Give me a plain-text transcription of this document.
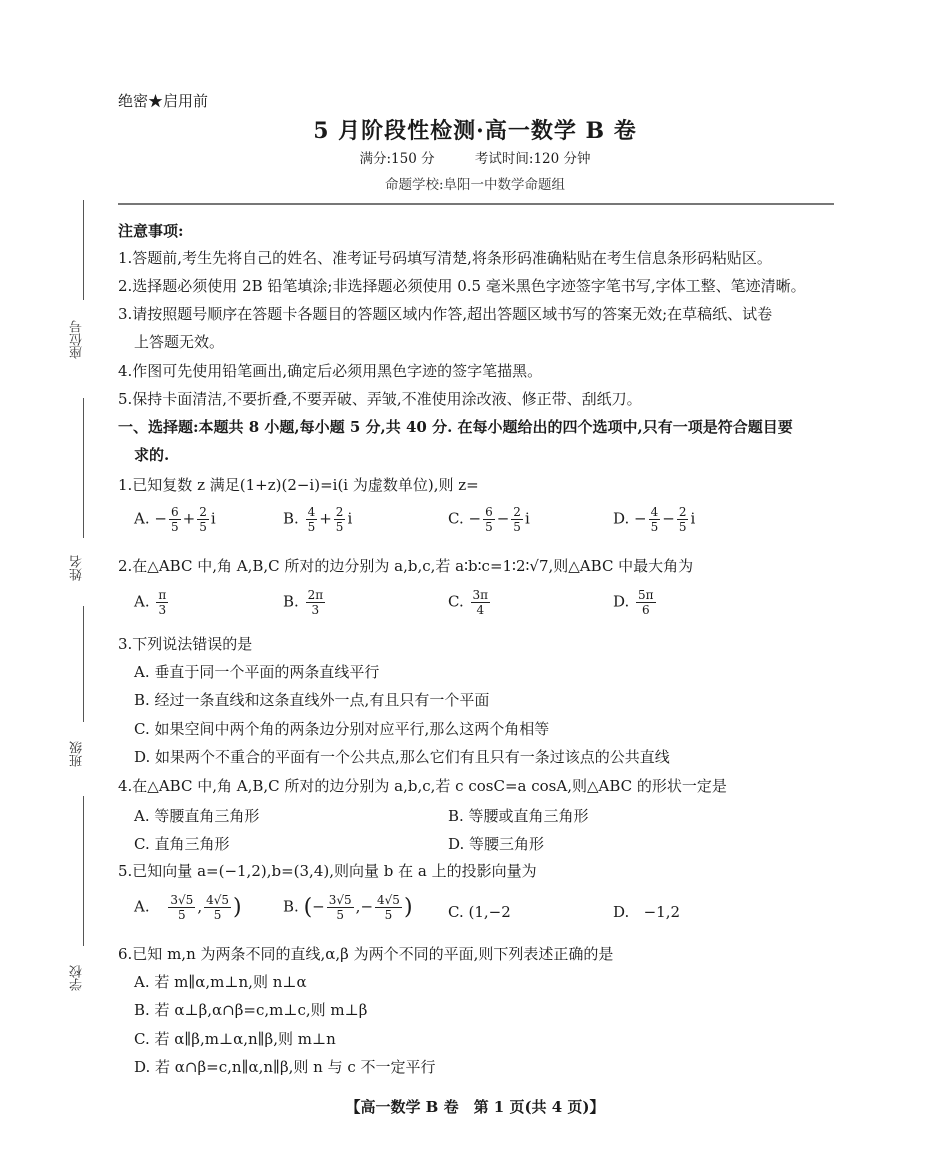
绝密★启用前
5 月阶段性检测·高一数学 B 卷
满分:150 分	考试时间:120 分钟
命题学校:阜阳一中数学命题组
座位号
姓名
班级
学校
注意事项:
1.答题前,考生先将自己的姓名、准考证号码填写清楚,将条形码准确粘贴在考生信息条形码粘贴区。
2.选择题必须使用 2B 铅笔填涂;非选择题必须使用 0.5 毫米黑色字迹签字笔书写,字体工整、笔迹清晰。
3.请按照题号顺序在答题卡各题目的答题区域内作答,超出答题区域书写的答案无效;在草稿纸、试卷
上答题无效。
4.作图可先使用铅笔画出,确定后必须用黑色字迹的签字笔描黑。
5.保持卡面清洁,不要折叠,不要弄破、弄皱,不准使用涂改液、修正带、刮纸刀。
一、选择题:本题共 8 小题,每小题 5 分,共 40 分. 在每小题给出的四个选项中,只有一项是符合题目要
求的.
1.已知复数 z 满足(1+z)(2−i)=i(i 为虚数单位),则 z=
A. − $\frac{6}{5} + \frac{2}{5}$ i	B. $\frac{4}{5} + \frac{2}{5}$ i	C. − $\frac{6}{5} - \frac{2}{5}$ i	D. − $\frac{4}{5} - \frac{2}{5}$ i
2.在△ABC 中,角 A,B,C 所对的边分别为 a,b,c,若 a∶b∶c=1∶2∶√7,则△ABC 中最大角为
A. $\frac{\pi}{3}$	B. $\frac{2\pi}{3}$	C. $\frac{3\pi}{4}$	D. $\frac{5\pi}{6}$
3.下列说法错误的是
A. 垂直于同一个平面的两条直线平行
B. 经过一条直线和这条直线外一点,有且只有一个平面
C. 如果空间中两个角的两条边分别对应平行,那么这两个角相等
D. 如果两个不重合的平面有一个公共点,那么它们有且只有一条过该点的公共直线
4.在△ABC 中,角 A,B,C 所对的边分别为 a,b,c,若 c cosC=a cosA,则△ABC 的形状一定是
A. 等腰直角三角形	B. 等腰或直角三角形
C. 直角三角形	D. 等腰三角形
5.已知向量 a=(−1,2),b=(3,4),则向量 b 在 a 上的投影向量为
A. $\frac{3√5}{5}$ , $\frac{4√5}{5}$ )	B. (− $\frac{3√5}{5}$ ,− $\frac{4√5}{5}$ ) C. (1,−2	D. −1,2
6.已知 m,n 为两条不同的直线,α,β 为两个不同的平面,则下列表述正确的是
A. 若 m∥α,m⊥n,则 n⊥α
B. 若 α⊥β,α∩β=c,m⊥c,则 m⊥β
C. 若 α∥β,m⊥α,n∥β,则 m⊥n
D. 若 α∩β=c,n∥α,n∥β,则 n 与 c 不一定平行
【高一数学 B 卷　第 1 页(共 4 页)】
